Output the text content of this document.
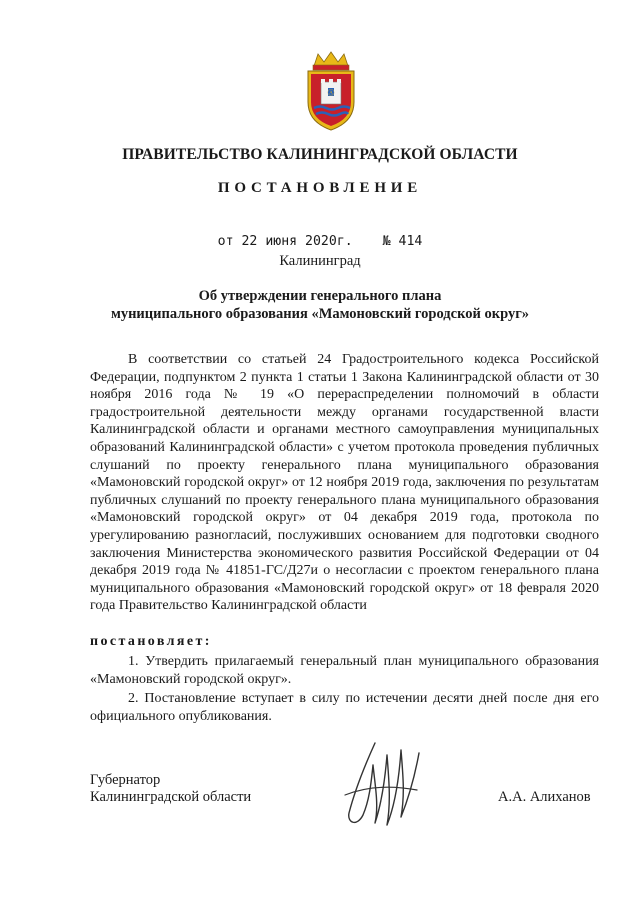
Ⓐ
ПРАВИТЕЛЬСТВО КАЛИНИНГРАДСКОЙ ОБЛАСТИ
ПОСТАНОВЛЕНИЕ
от 22 июня 2020г. № 414
Калининград
Об утверждении генерального плана
муниципального образования «Мамоновский городской округ»
В соответствии со статьей 24 Градостроительного кодекса Российской Федерации, подпунктом 2 пункта 1 статьи 1 Закона Калининградской области от 30 ноября 2016 года № 19 «О перераспределении полномочий в области градостроительной деятельности между органами государственной власти Калининградской области и органами местного самоуправления муниципальных образований Калининградской области» с учетом протокола проведения публичных слушаний по проекту генерального плана муниципального образования «Мамоновский городской округ» от 12 ноября 2019 года, заключения по результатам публичных слушаний по проекту генерального плана муниципального образования «Мамоновский городской округ» от 04 декабря 2019 года, протокола по урегулированию разногласий, послуживших основанием для подготовки сводного заключения Министерства экономического развития Российской Федерации от 04 декабря 2019 года № 41851-ГС/Д27и о несогласии с проектом генерального плана муниципального образования «Мамоновский городской округ» от 18 февраля 2020 года Правительство Калининградской области
постановляет:
1. Утвердить прилагаемый генеральный план муниципального образования «Мамоновский городской округ».
2. Постановление вступает в силу по истечении десяти дней после дня его официального опубликования.
Губернатор
Калининградской области	А.А. Алиханов
